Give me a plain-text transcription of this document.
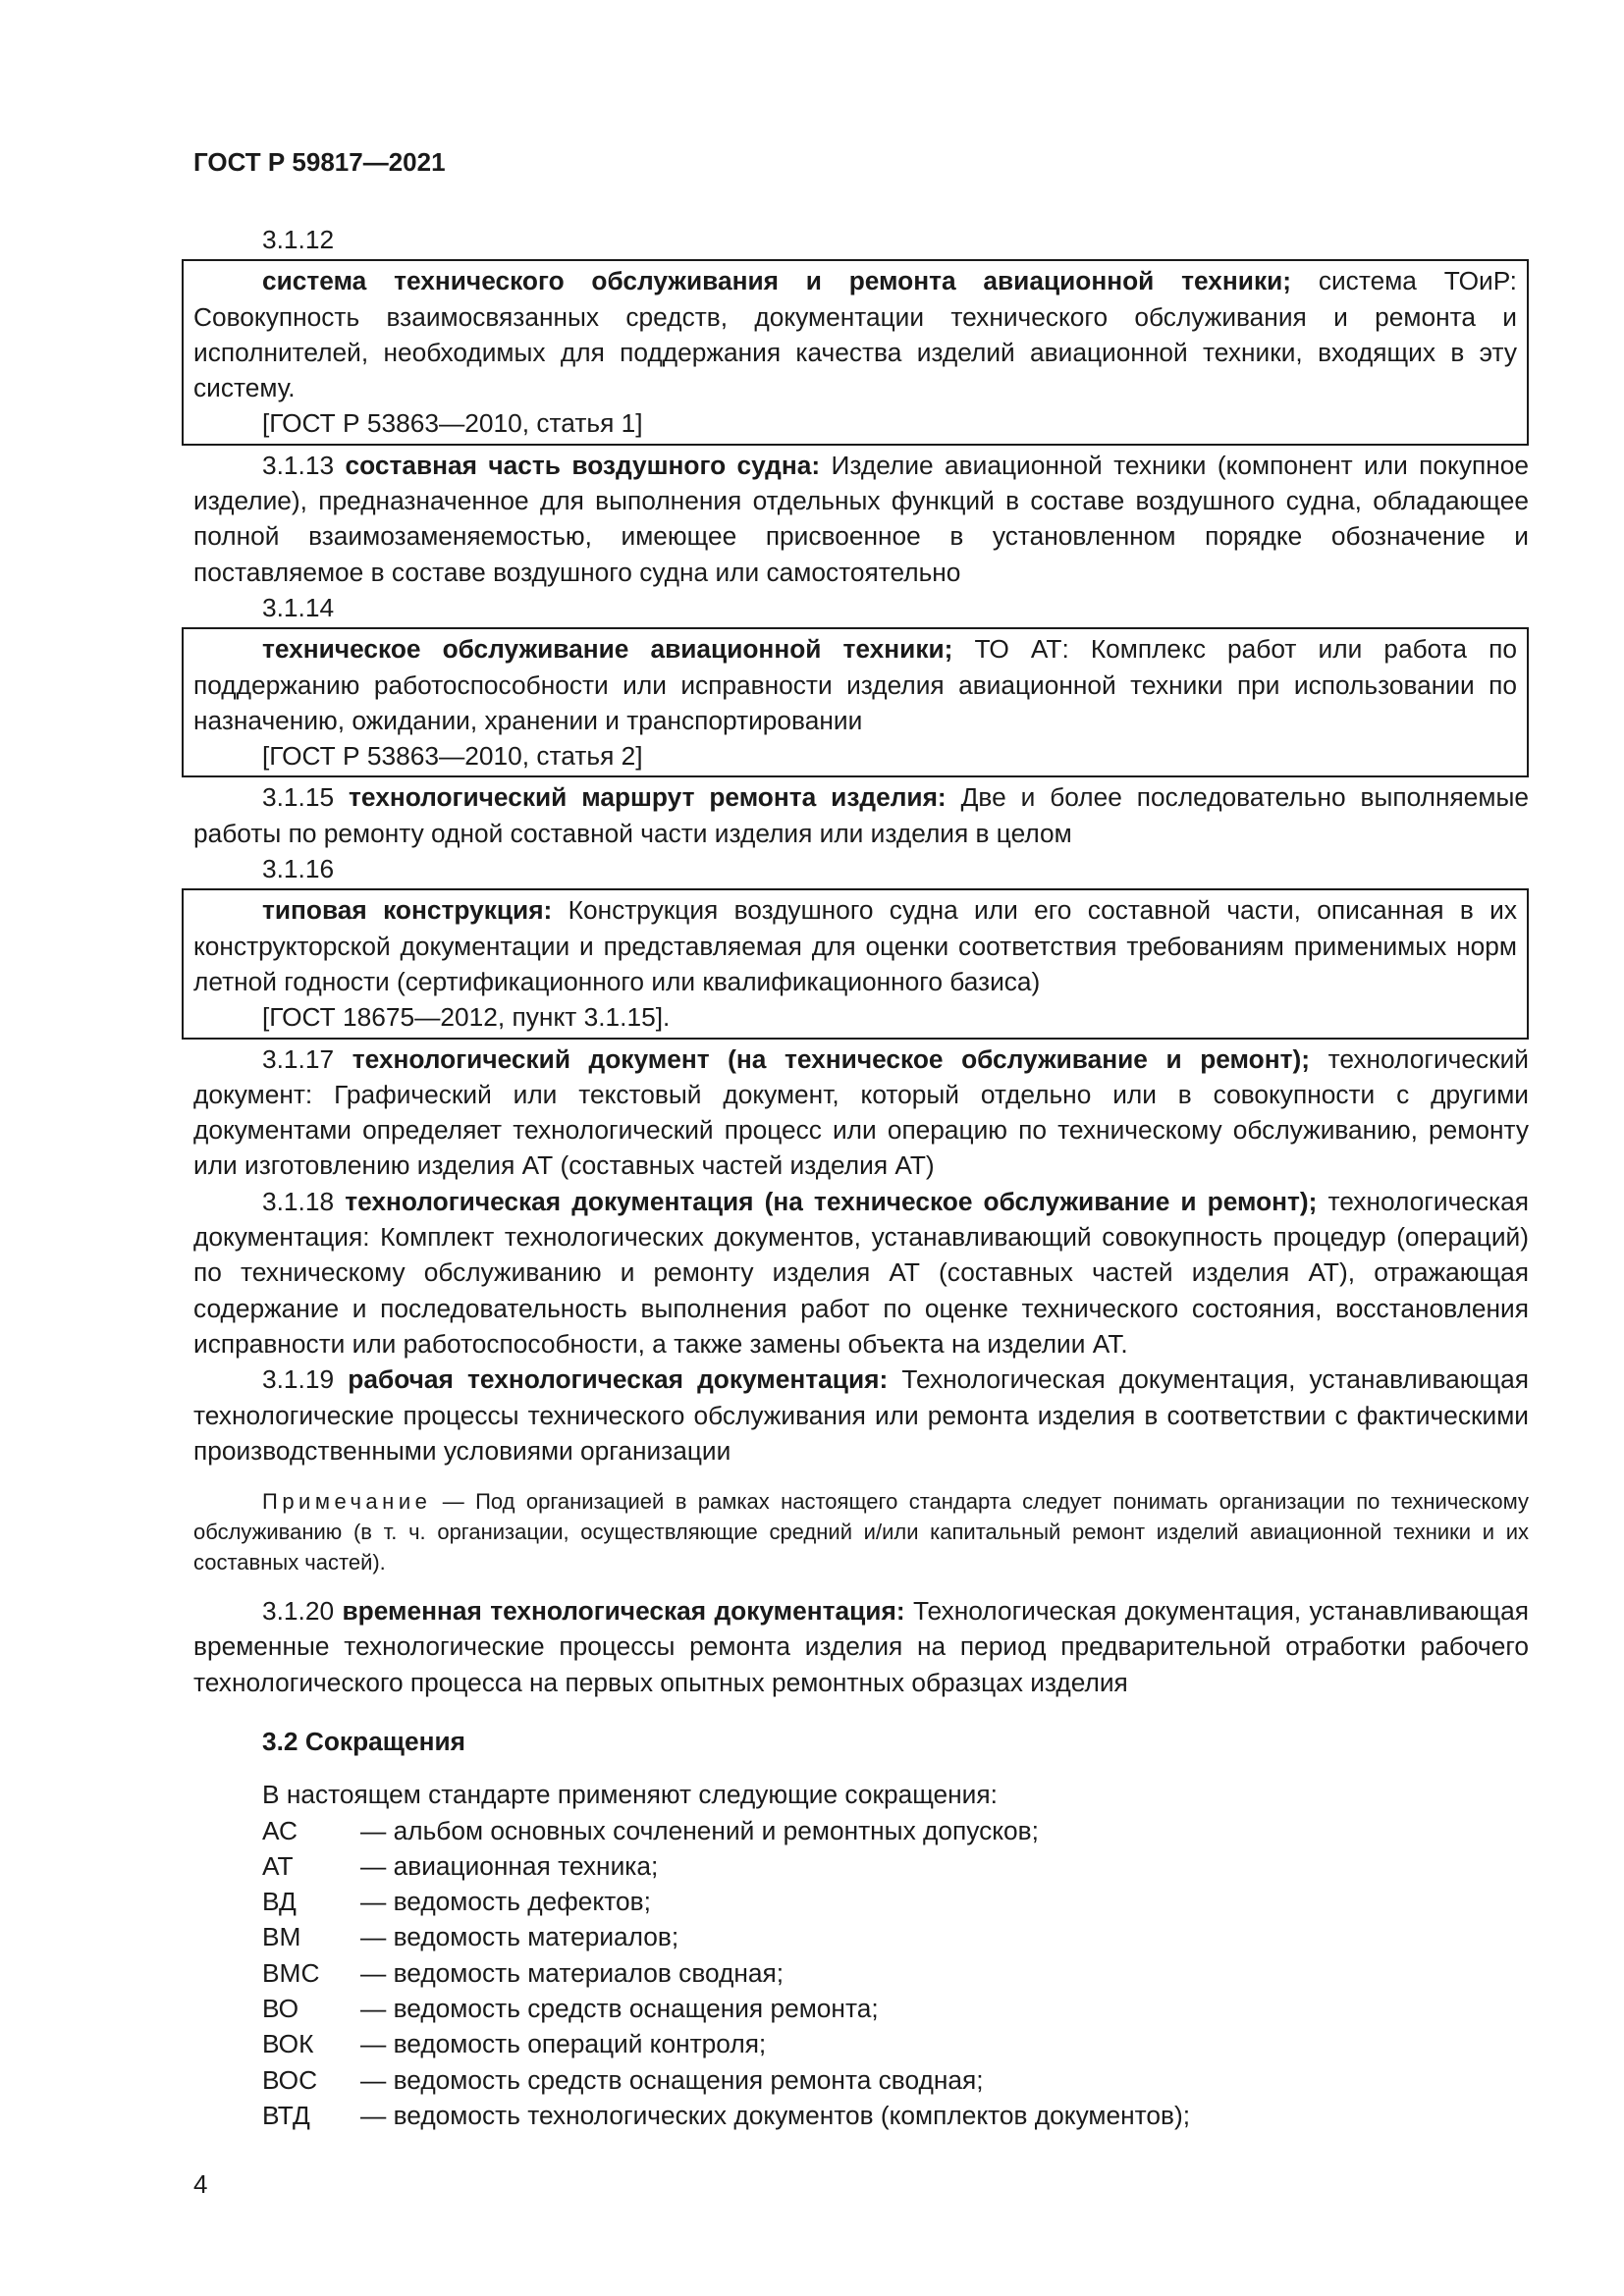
ГОСТ Р 59817—2021
3.1.12

система технического обслуживания и ремонта авиационной техники; система ТОиР: Совокупность взаимосвязанных средств, документации технического обслуживания и ремонта и исполнителей, необходимых для поддержания качества изделий авиационной техники, входящих в эту систему.

[ГОСТ Р 53863—2010, статья 1]

3.1.13 составная часть воздушного судна: Изделие авиационной техники (компонент или покупное изделие), предназначенное для выполнения отдельных функций в составе воздушного судна, обладающее полной взаимозаменяемостью, имеющее присвоенное в установленном порядке обозначение и поставляемое в составе воздушного судна или самостоятельно

3.1.14

техническое обслуживание авиационной техники; ТО АТ: Комплекс работ или работа по поддержанию работоспособности или исправности изделия авиационной техники при использовании по назначению, ожидании, хранении и транспортировании

[ГОСТ Р 53863—2010, статья 2]

3.1.15 технологический маршрут ремонта изделия: Две и более последовательно выполняемые работы по ремонту одной составной части изделия или изделия в целом

3.1.16

типовая конструкция: Конструкция воздушного судна или его составной части, описанная в их конструкторской документации и представляемая для оценки соответствия требованиям применимых норм летной годности (сертификационного или квалификационного базиса)

[ГОСТ 18675—2012, пункт 3.1.15].

3.1.17 технологический документ (на техническое обслуживание и ремонт); технологический документ: Графический или текстовый документ, который отдельно или в совокупности с другими документами определяет технологический процесс или операцию по техническому обслуживанию, ремонту или изготовлению изделия АТ (составных частей изделия АТ)

3.1.18 технологическая документация (на техническое обслуживание и ремонт); технологическая документация: Комплект технологических документов, устанавливающий совокупность процедур (операций) по техническому обслуживанию и ремонту изделия АТ (составных частей изделия АТ), отражающая содержание и последовательность выполнения работ по оценке технического состояния, восстановления исправности или работоспособности, а также замены объекта на изделии АТ.

3.1.19 рабочая технологическая документация: Технологическая документация, устанавливающая технологические процессы технического обслуживания или ремонта изделия в соответствии с фактическими производственными условиями организации

Примечание — Под организацией в рамках настоящего стандарта следует понимать организации по техническому обслуживанию (в т. ч. организации, осуществляющие средний и/или капитальный ремонт изделий авиационной техники и их составных частей).

3.1.20 временная технологическая документация: Технологическая документация, устанавливающая временные технологические процессы ремонта изделия на период предварительной отработки рабочего технологического процесса на первых опытных ремонтных образцах изделия

3.2 Сокращения
В настоящем стандарте применяют следующие сокращения:
АС	— альбом основных сочленений и ремонтных допусков;
АТ	— авиационная техника;
ВД	— ведомость дефектов;
ВМ	— ведомость материалов;
ВМС	— ведомость материалов сводная;
ВО	— ведомость средств оснащения ремонта;
ВОК	— ведомость операций контроля;
ВОС	— ведомость средств оснащения ремонта сводная;
ВТД	— ведомость технологических документов (комплектов документов);
4
